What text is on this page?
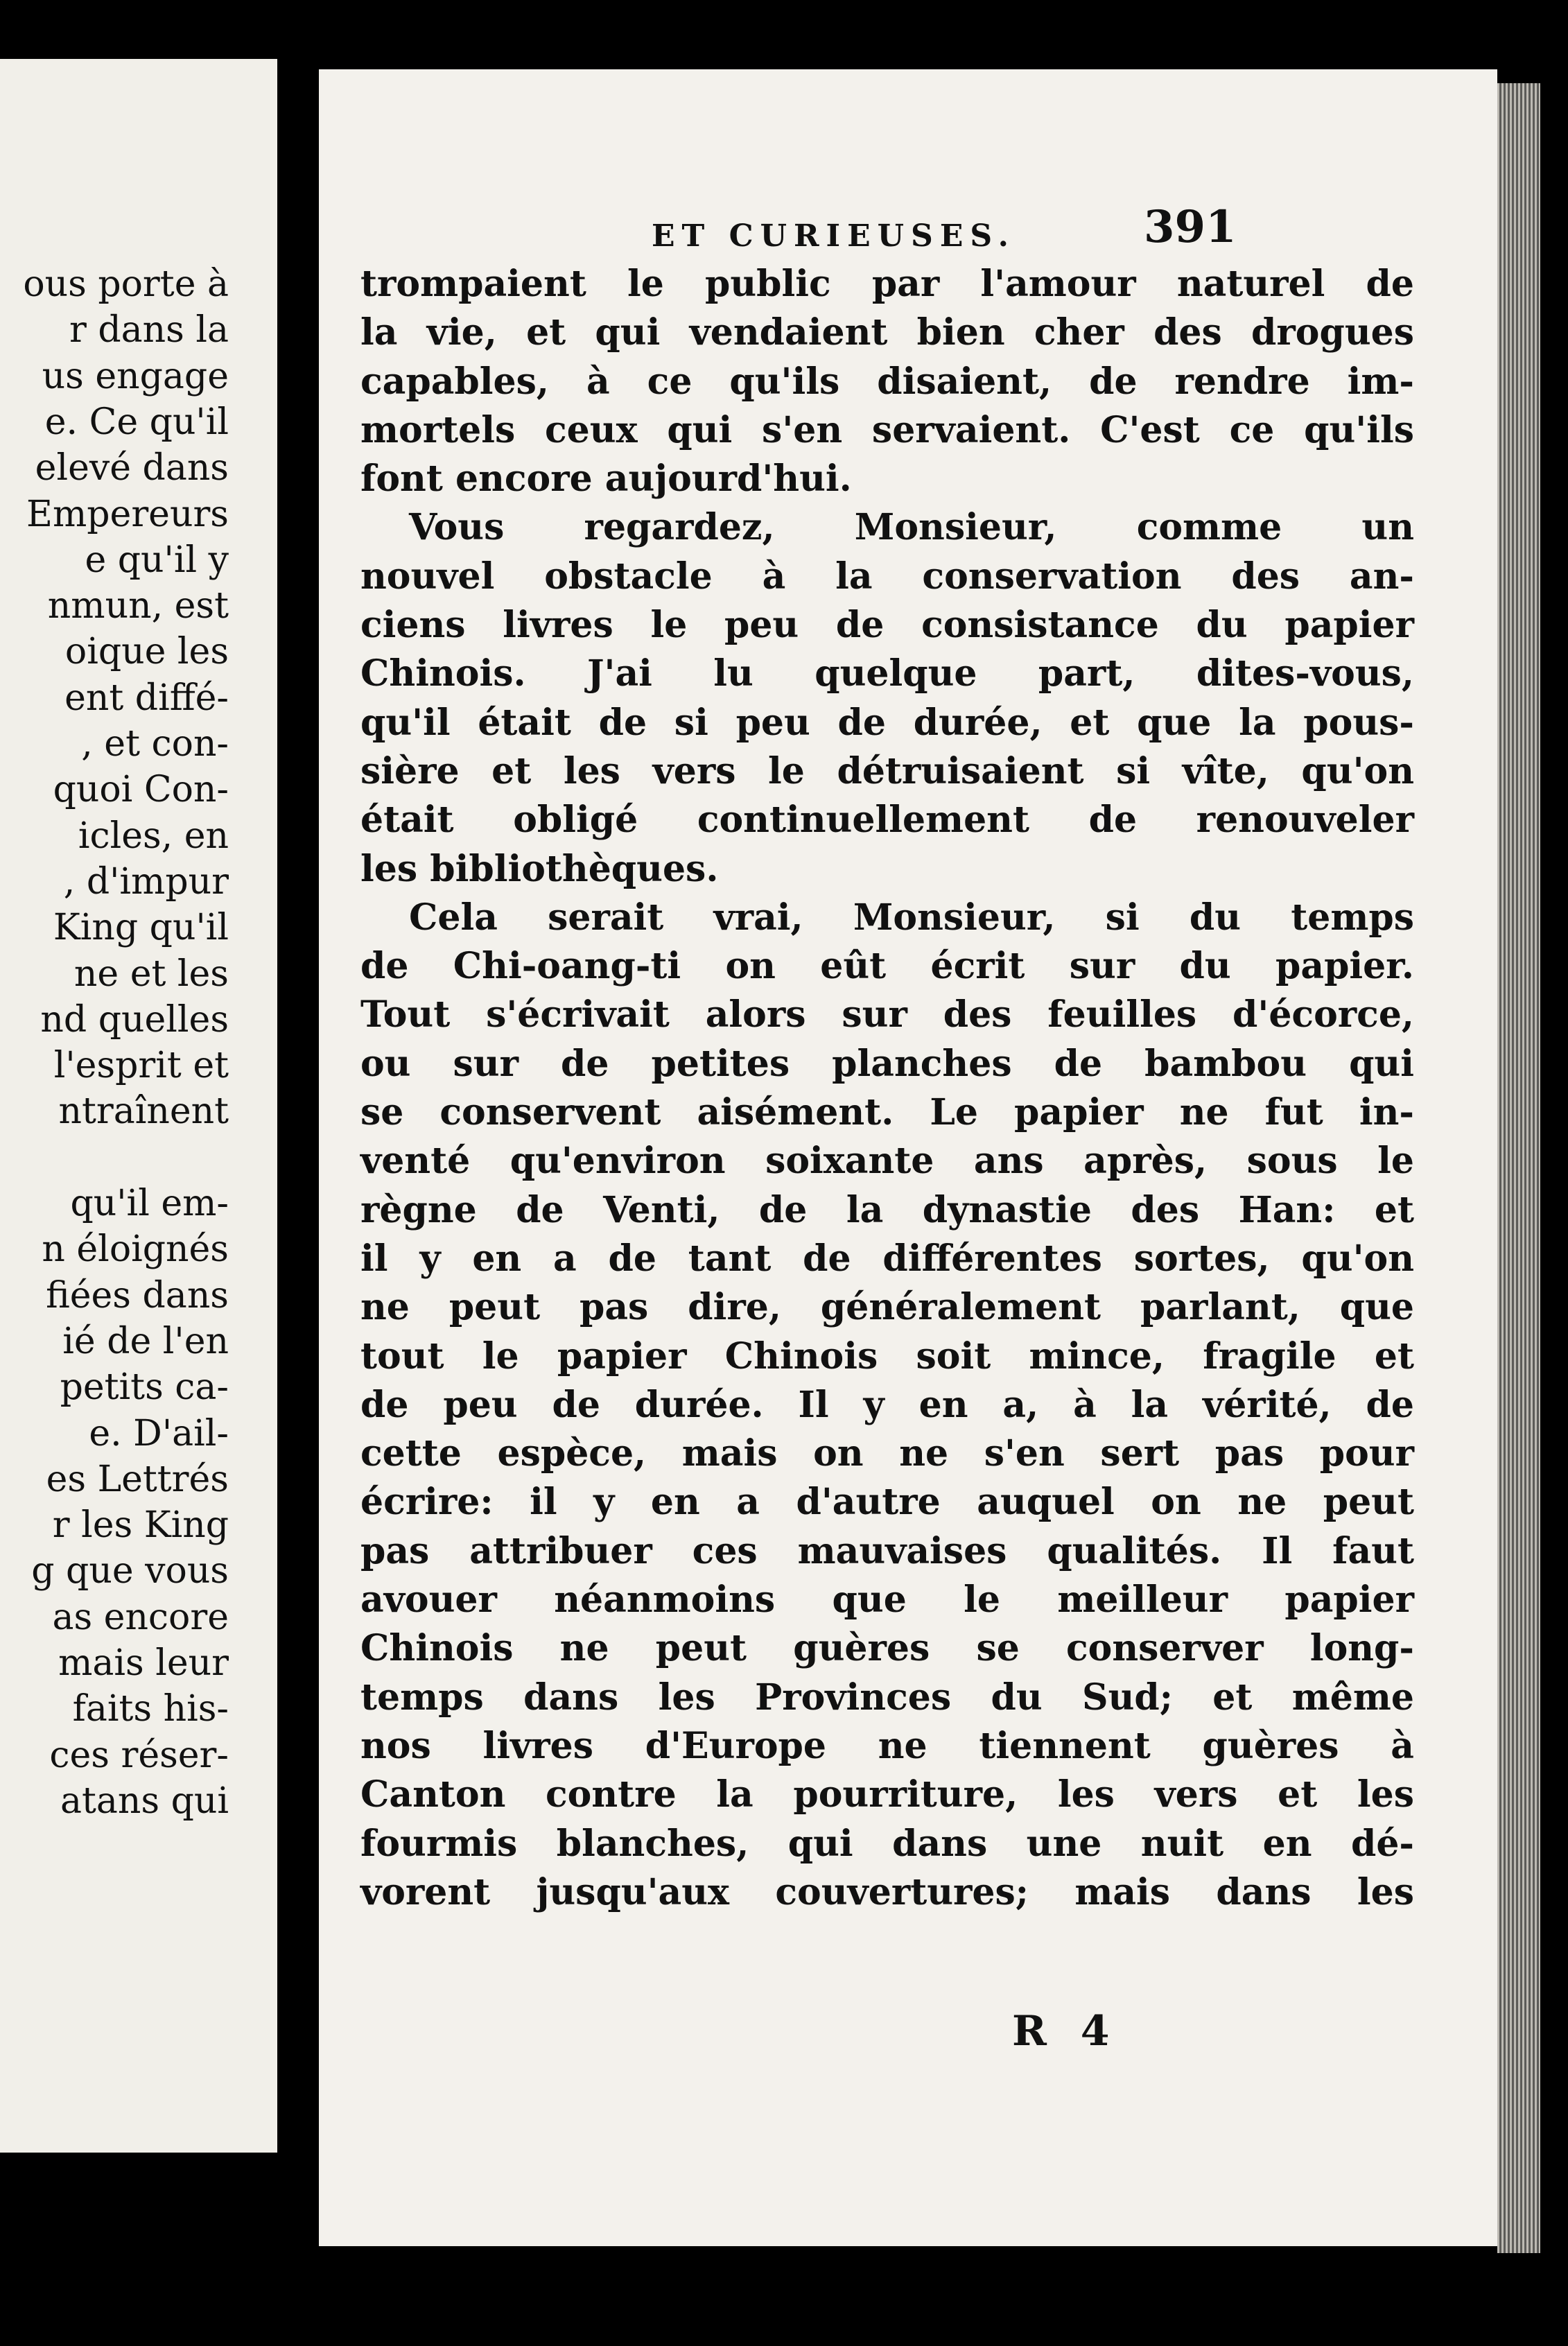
ous porte à
r dans la
us engage
e. Ce qu'il
elevé dans
Empereurs
e qu'il y
nmun, est
oique les
ent diffé-
, et con-
quoi Con-
icles, en
, d'impur
King qu'il
ne et les
nd quelles
l'esprit et
ntraînent
qu'il em-
n éloignés
fiées dans
ié de l'en
petits ca-
e. D'ail-
es Lettrés
r les King
g que vous
as encore
mais leur
faits his-
ces réser-
atans qui
ET CURIEUSES.	391
trompaient le public par l'amour naturel de
la vie, et qui vendaient bien cher des drogues
capables, à ce qu'ils disaient, de rendre im-
mortels ceux qui s'en servaient. C'est ce qu'ils
font encore aujourd'hui.
Vous regardez, Monsieur, comme un
nouvel obstacle à la conservation des an-
ciens livres le peu de consistance du papier
Chinois. J'ai lu quelque part, dites-vous,
qu'il était de si peu de durée, et que la pous-
sière et les vers le détruisaient si vîte, qu'on
était obligé continuellement de renouveler
les bibliothèques.
Cela serait vrai, Monsieur, si du temps
de Chi-oang-ti on eût écrit sur du papier.
Tout s'écrivait alors sur des feuilles d'écorce,
ou sur de petites planches de bambou qui
se conservent aisément. Le papier ne fut in-
venté qu'environ soixante ans après, sous le
règne de Venti, de la dynastie des Han: et
il y en a de tant de différentes sortes, qu'on
ne peut pas dire, généralement parlant, que
tout le papier Chinois soit mince, fragile et
de peu de durée. Il y en a, à la vérité, de
cette espèce, mais on ne s'en sert pas pour
écrire: il y en a d'autre auquel on ne peut
pas attribuer ces mauvaises qualités. Il faut
avouer néanmoins que le meilleur papier
Chinois ne peut guères se conserver long-
temps dans les Provinces du Sud; et même
nos livres d'Europe ne tiennent guères à
Canton contre la pourriture, les vers et les
fourmis blanches, qui dans une nuit en dé-
vorent jusqu'aux couvertures; mais dans les
R 4
